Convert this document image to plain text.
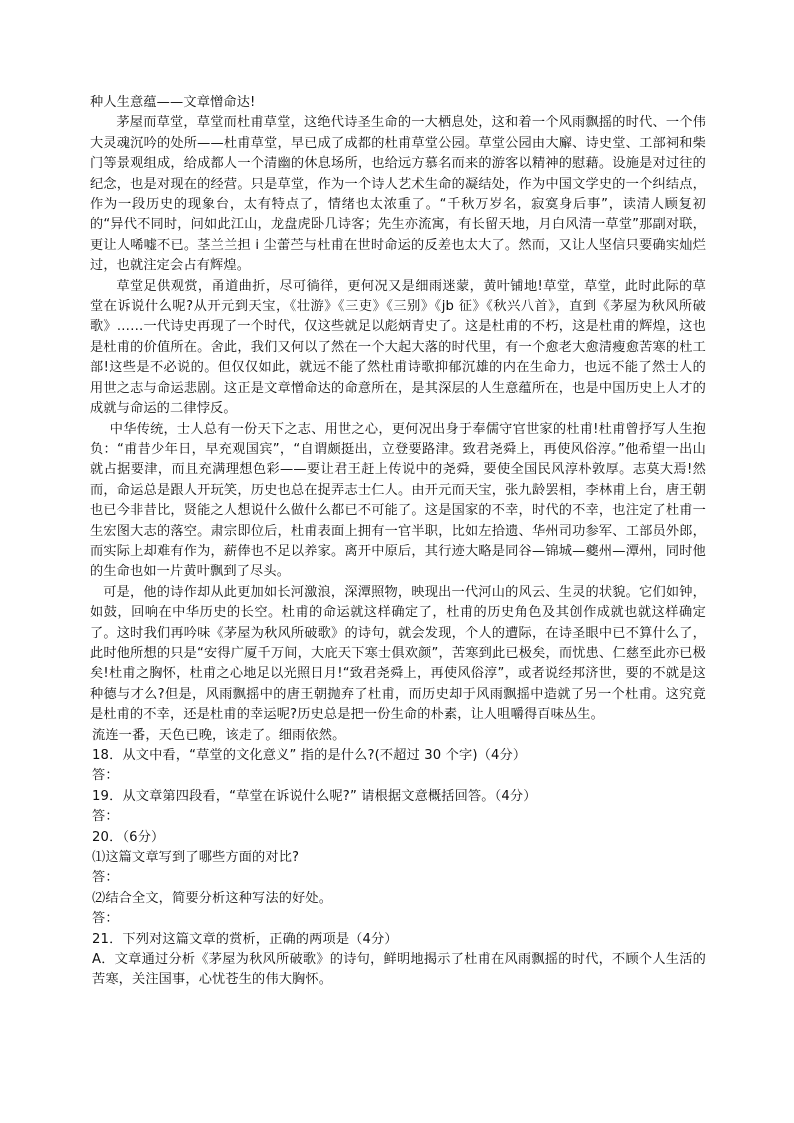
种人生意蕴——文章憎命达!

茅屋而草堂，草堂而杜甫草堂，这绝代诗圣生命的一大栖息处，这和着一个风雨飘摇的时代、一个伟大灵魂沉吟的处所——杜甫草堂，早已成了成都的杜甫草堂公园。草堂公园由大廨、诗史堂、工部祠和柴门等景观组成，给成都人一个清幽的休息场所，也给远方慕名而来的游客以精神的慰藉。设施是对过往的纪念，也是对现在的经营。只是草堂，作为一个诗人艺术生命的凝结处，作为中国文学史的一个纠结点，作为一段历史的现象台，太有特点了，情绪也太浓重了。“千秋万岁名，寂寞身后事”，读清人顾复初的“异代不同时，问如此江山，龙盘虎卧几诗客；先生亦流寓，有长留天地，月白风清一草堂”那副对联，更让人唏嘘不已。茎兰兰担 i 尘蕾苎与杜甫在世时命运的反差也太大了。然而，又让人坚信只要确实灿烂过，也就注定会占有辉煌。

草堂足供观赏，甬道曲折，尽可徜徉，更何况又是细雨迷蒙，黄叶铺地!草堂，草堂，此时此际的草堂在诉说什么呢?从开元到天宝，《壮游》《三吏》《三别》《jb 征》《秋兴八首》，直到《茅屋为秋风所破歌》……一代诗史再现了一个时代，仅这些就足以彪炳青史了。这是杜甫的不朽，这是杜甫的辉煌，这也是杜甫的价值所在。舍此，我们又何以了然在一个大起大落的时代里，有一个愈老大愈清瘦愈苦寒的杜工部!这些是不必说的。但仅仅如此，就远不能了然杜甫诗歌抑郁沉雄的内在生命力，也远不能了然士人的用世之志与命运悲剧。这正是文章憎命达的命意所在，是其深层的人生意蕴所在，也是中国历史上人才的成就与命运的二律悖反。

中华传统，士人总有一份天下之志、用世之心，更何况出身于奉儒守官世家的杜甫!杜甫曾抒写人生抱负：“甫昔少年日，早充观国宾”，“自谓颇挺出，立登要路津。致君尧舜上，再使风俗淳。”他希望一出山就占据要津，而且充满理想色彩——要让君王赶上传说中的尧舜，要使全国民风淳朴敦厚。志莫大焉!然而，命运总是跟人开玩笑，历史也总在捉弄志士仁人。由开元而天宝，张九龄罢相，李林甫上台，唐王朝也已今非昔比，贤能之人想说什么做什么都已不可能了。这是国家的不幸，时代的不幸，也注定了杜甫一生宏图大志的落空。肃宗即位后，杜甫表面上拥有一官半职，比如左拾遗、华州司功参军、工部员外郎，而实际上却难有作为，薪俸也不足以养家。离开中原后，其行迹大略是同谷—锦城—夔州—潭州，同时他的生命也如一片黄叶飘到了尽头。

可是，他的诗作却从此更加如长河激浪，深潭照物，映现出一代河山的风云、生灵的状貌。它们如钟，如鼓，回响在中华历史的长空。杜甫的命运就这样确定了，杜甫的历史角色及其创作成就也就这样确定了。这时我们再吟味《茅屋为秋风所破歌》的诗句，就会发现，个人的遭际，在诗圣眼中已不算什么了，此时他所想的只是“安得广厦千万间，大庇天下寒士俱欢颜”，苦寒到此已极矣，而忧患、仁慈至此亦已极矣!杜甫之胸怀，杜甫之心地足以光照日月!“致君尧舜上，再使风俗淳”，或者说经邦济世，要的不就是这种德与才么?但是，风雨飘摇中的唐王朝抛弃了杜甫，而历史却于风雨飘摇中造就了另一个杜甫。这究竟是杜甫的不幸，还是杜甫的幸运呢?历史总是把一份生命的朴素，让人咀嚼得百味丛生。

流连一番，天色已晚，该走了。细雨依然。

18．从文中看，“草堂的文化意义” 指的是什么?(不超过 30 个字)（4分）

答：

19．从文章第四段看，“草堂在诉说什么呢?” 请根据文意概括回答。（4分）

答：

20．（6分）

⑴这篇文章写到了哪些方面的对比?

答：

⑵结合全文，简要分析这种写法的好处。

答：

21．下列对这篇文章的赏析，正确的两项是（4分）

A．文章通过分析《茅屋为秋风所破歌》的诗句，鲜明地揭示了杜甫在风雨飘摇的时代，不顾个人生活的苦寒，关注国事，心忧苍生的伟大胸怀。
